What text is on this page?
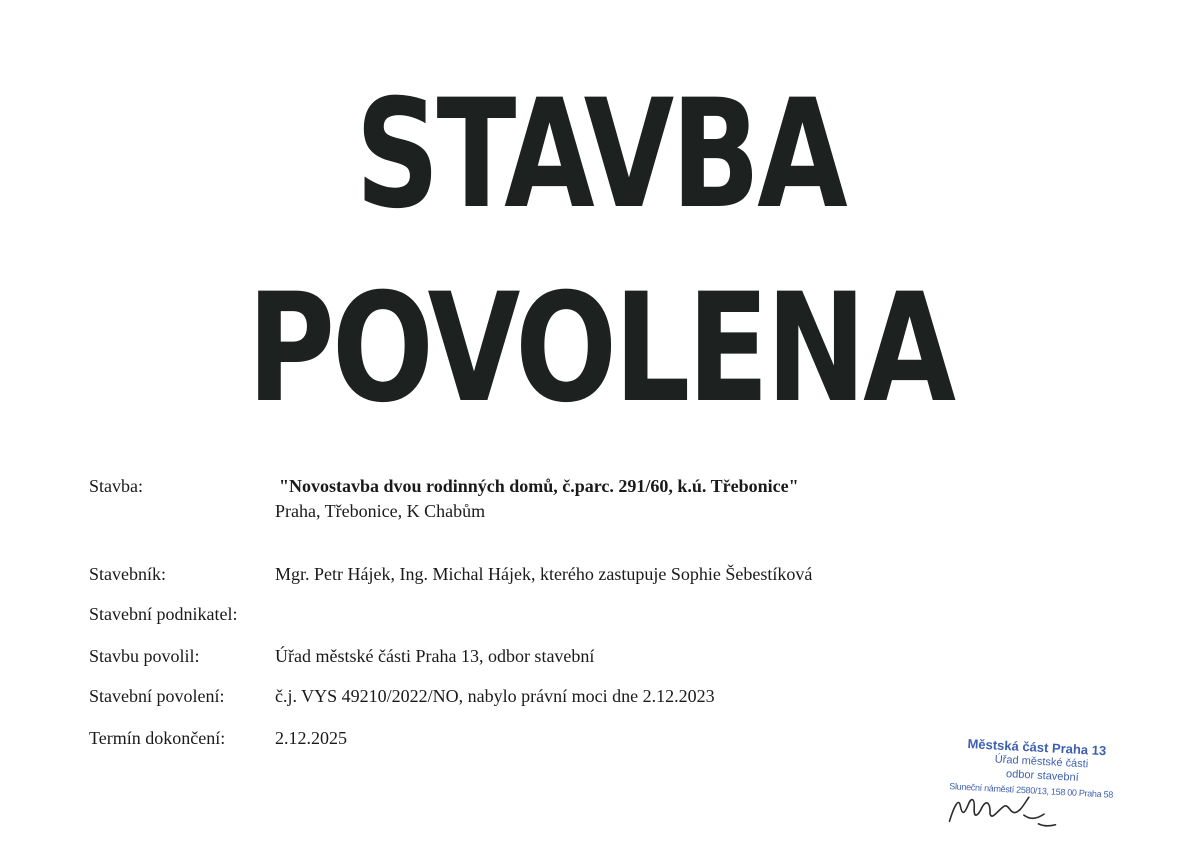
STAVBA
POVOLENA
Stavba:	"Novostavba dvou rodinných domů, č.parc. 291/60, k.ú. Třebonice"
Praha, Třebonice, K Chabům
Stavebník:	Mgr. Petr Hájek, Ing. Michal Hájek, kterého zastupuje Sophie Šebestíková
Stavební podnikatel:
Stavbu povolil:	Úřad městské části Praha 13, odbor stavební
Stavební povolení:	č.j. VYS 49210/2022/NO, nabylo právní moci dne 2.12.2023
Termín dokončení:	2.12.2025	Městská část Praha 13
Úřad městské části
odbor stavební
Sluneční náměstí 2580/13, 158 00 Praha 58
